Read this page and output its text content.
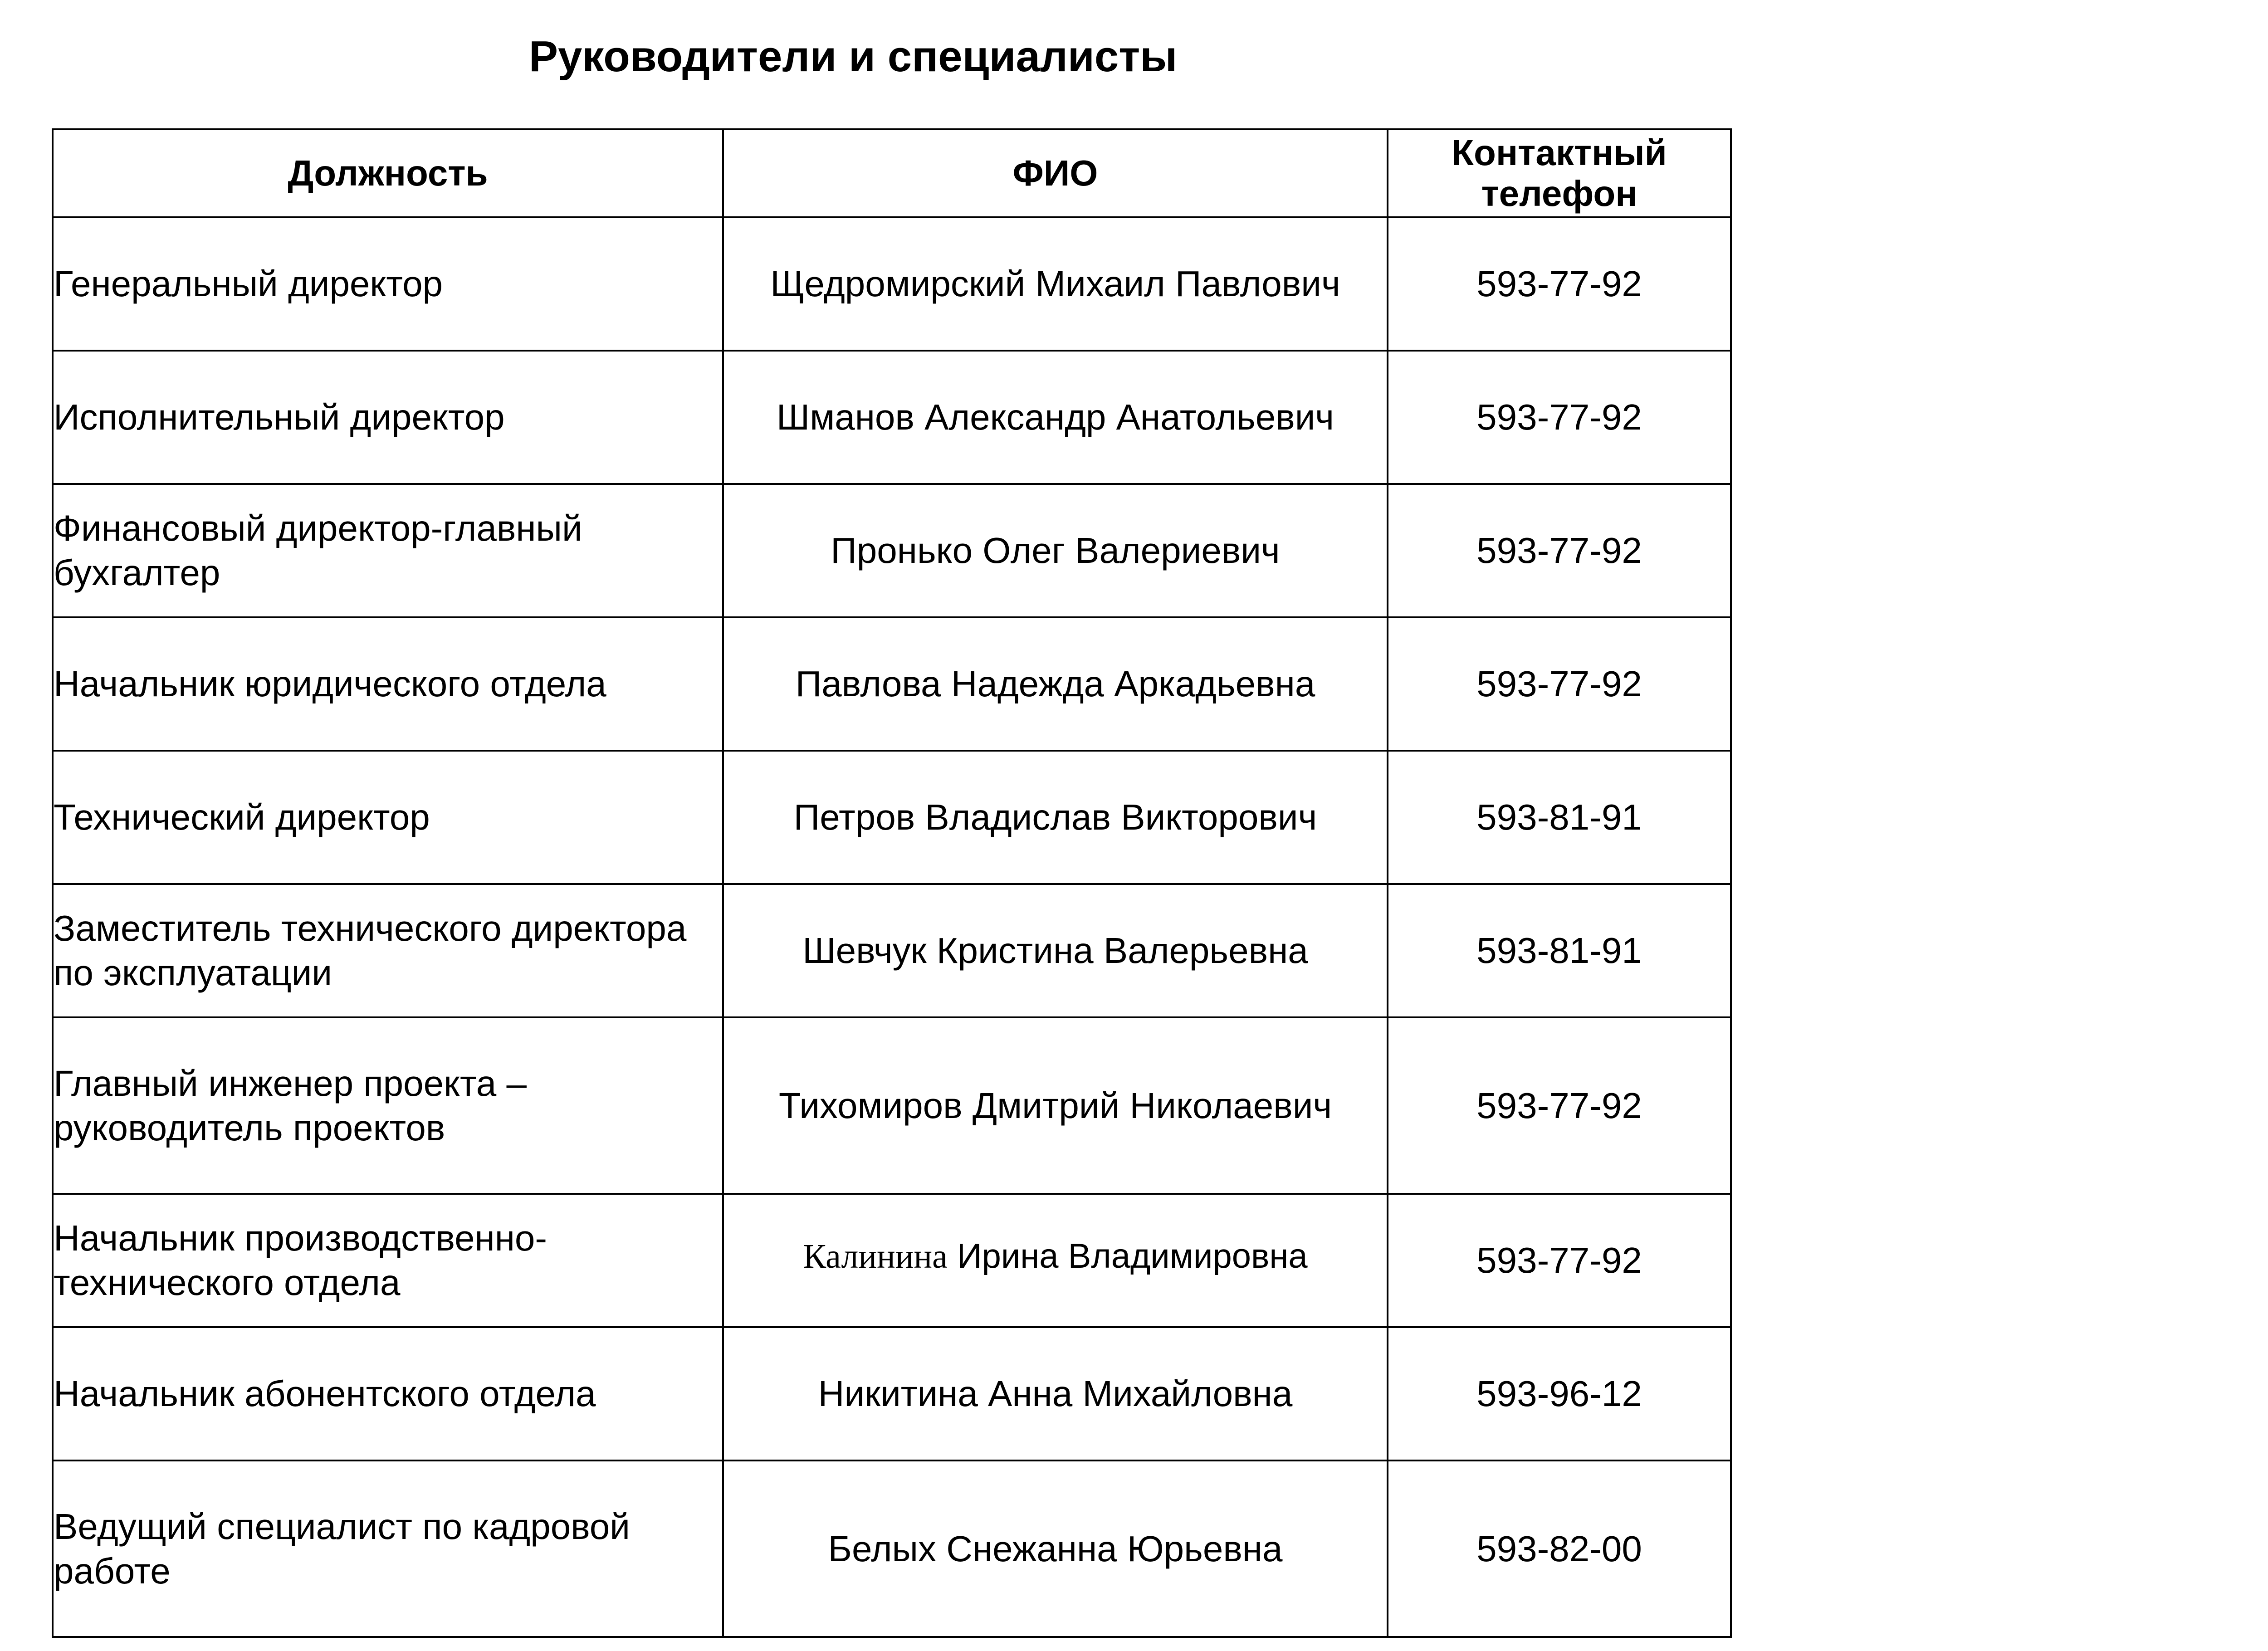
Руководители и специалисты
Должность	ФИО	Контактный телефон
Генеральный директор	Щедромирский Михаил Павлович	593-77-92
Исполнительный директор	Шманов Александр Анатольевич	593-77-92
Финансовый директор-главный бухгалтер	Пронько Олег Валериевич	593-77-92
Начальник юридического отдела	Павлова Надежда Аркадьевна	593-77-92
Технический директор	Петров Владислав Викторович	593-81-91
Заместитель технического директора по эксплуатации	Шевчук Кристина Валерьевна	593-81-91
Главный инженер проекта – руководитель проектов	Тихомиров Дмитрий Николаевич	593-77-92
Начальник производственно-технического отдела	Калинина Ирина Владимировна	593-77-92
Начальник абонентского отдела	Никитина Анна Михайловна	593-96-12
Ведущий специалист по кадровой работе	Белых Снежанна Юрьевна	593-82-00
